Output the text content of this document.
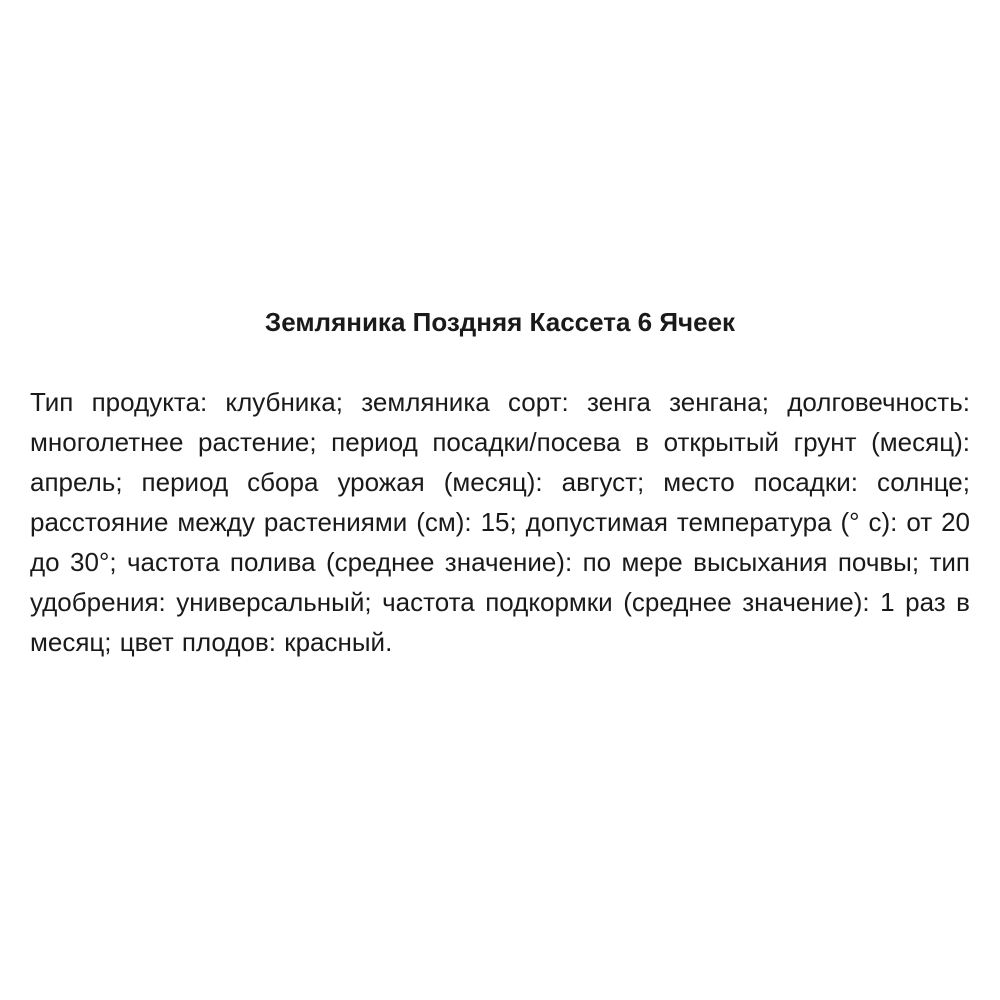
Земляника Поздняя Кассета 6 Ячеек

Тип продукта: клубника; земляника сорт: зенга зенгана; долговечность: многолетнее растение; период посадки/посева в открытый грунт (месяц): апрель; период сбора урожая (месяц): август; место посадки: солнце; расстояние между растениями (см): 15; допустимая температура (° с): от 20 до 30°; частота полива (среднее значение): по мере высыхания почвы; тип удобрения: универсальный; частота подкормки (среднее значение): 1 раз в месяц; цвет плодов: красный.
